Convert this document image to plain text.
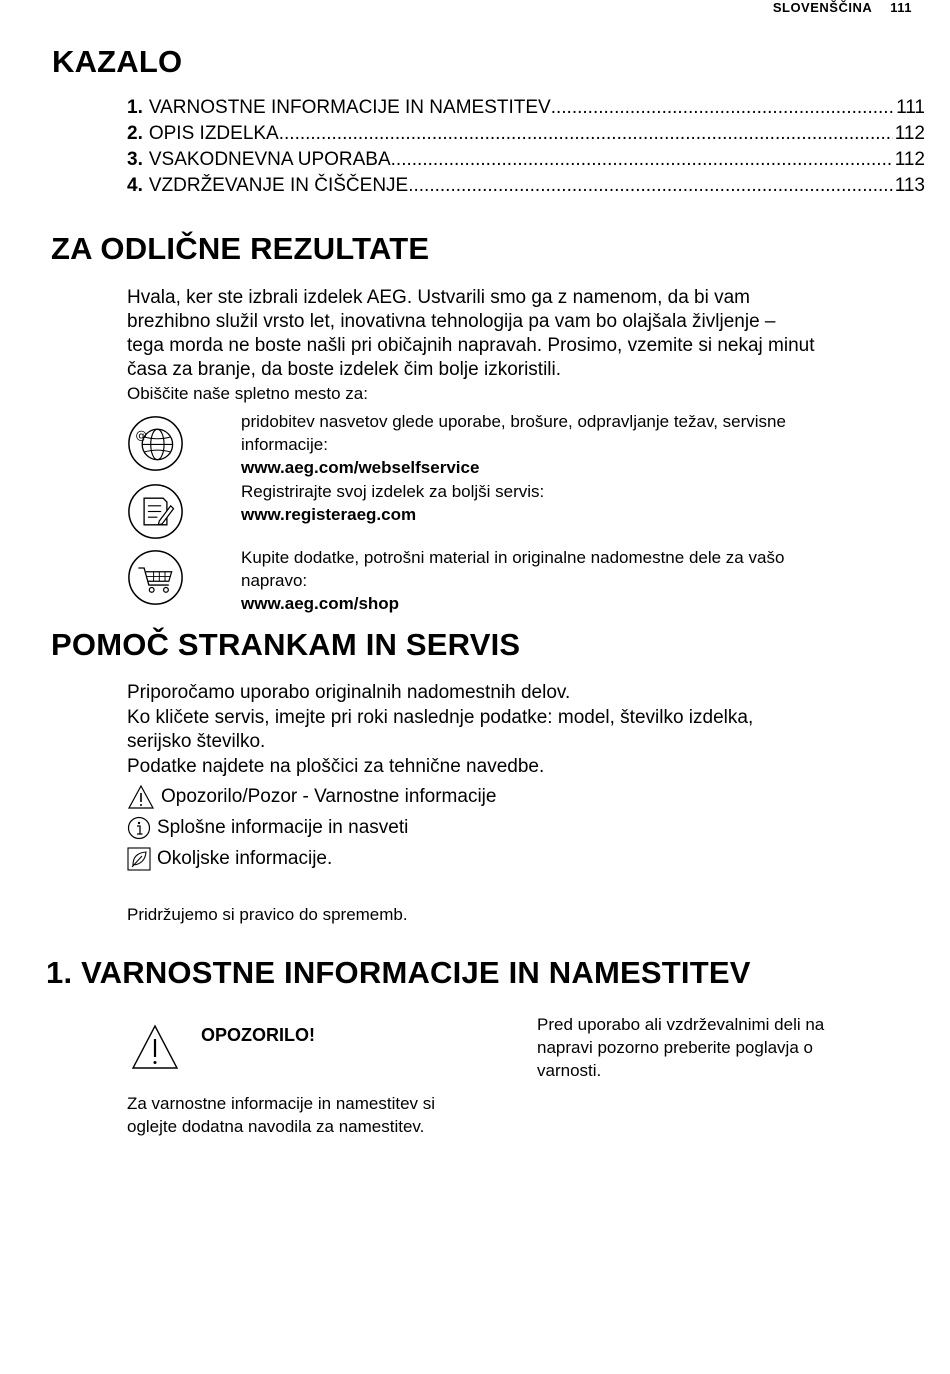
SLOVENŠČINA 111
KAZALO
1. VARNOSTNE INFORMACIJE IN NAMESTITEV .....	111
2. OPIS IZDELKA .....	112
3. VSAKODNEVNA UPORABA .....	112
4. VZDRŽEVANJE IN ČIŠČENJE .....	113
ZA ODLIČNE REZULTATE
Hvala, ker ste izbrali izdelek AEG. Ustvarili smo ga z namenom, da bi vam
brezhibno služil vrsto let, inovativna tehnologija pa vam bo olajšala življenje –
tega morda ne boste našli pri običajnih napravah. Prosimo, vzemite si nekaj minut
časa za branje, da boste izdelek čim bolje izkoristili.
Obiščite naše spletno mesto za:
@
pridobitev nasvetov glede uporabe, brošure, odpravljanje težav, servisne
informacije:
www.aeg.com/webselfservice
Registrirajte svoj izdelek za boljši servis:
www.registeraeg.com
Kupite dodatke, potrošni material in originalne nadomestne dele za vašo
napravo:
www.aeg.com/shop
POMOČ STRANKAM IN SERVIS
Priporočamo uporabo originalnih nadomestnih delov.
Ko kličete servis, imejte pri roki naslednje podatke: model, številko izdelka,
serijsko številko.
Podatke najdete na ploščici za tehnične navedbe.
Opozorilo/Pozor - Varnostne informacije
Splošne informacije in nasveti
Okoljske informacije.
Pridržujemo si pravico do sprememb.
1. VARNOSTNE INFORMACIJE IN NAMESTITEV
OPOZORILO!
Za varnostne informacije in namestitev si
oglejte dodatna navodila za namestitev.
Pred uporabo ali vzdrževalnimi deli na
napravi pozorno preberite poglavja o
varnosti.
